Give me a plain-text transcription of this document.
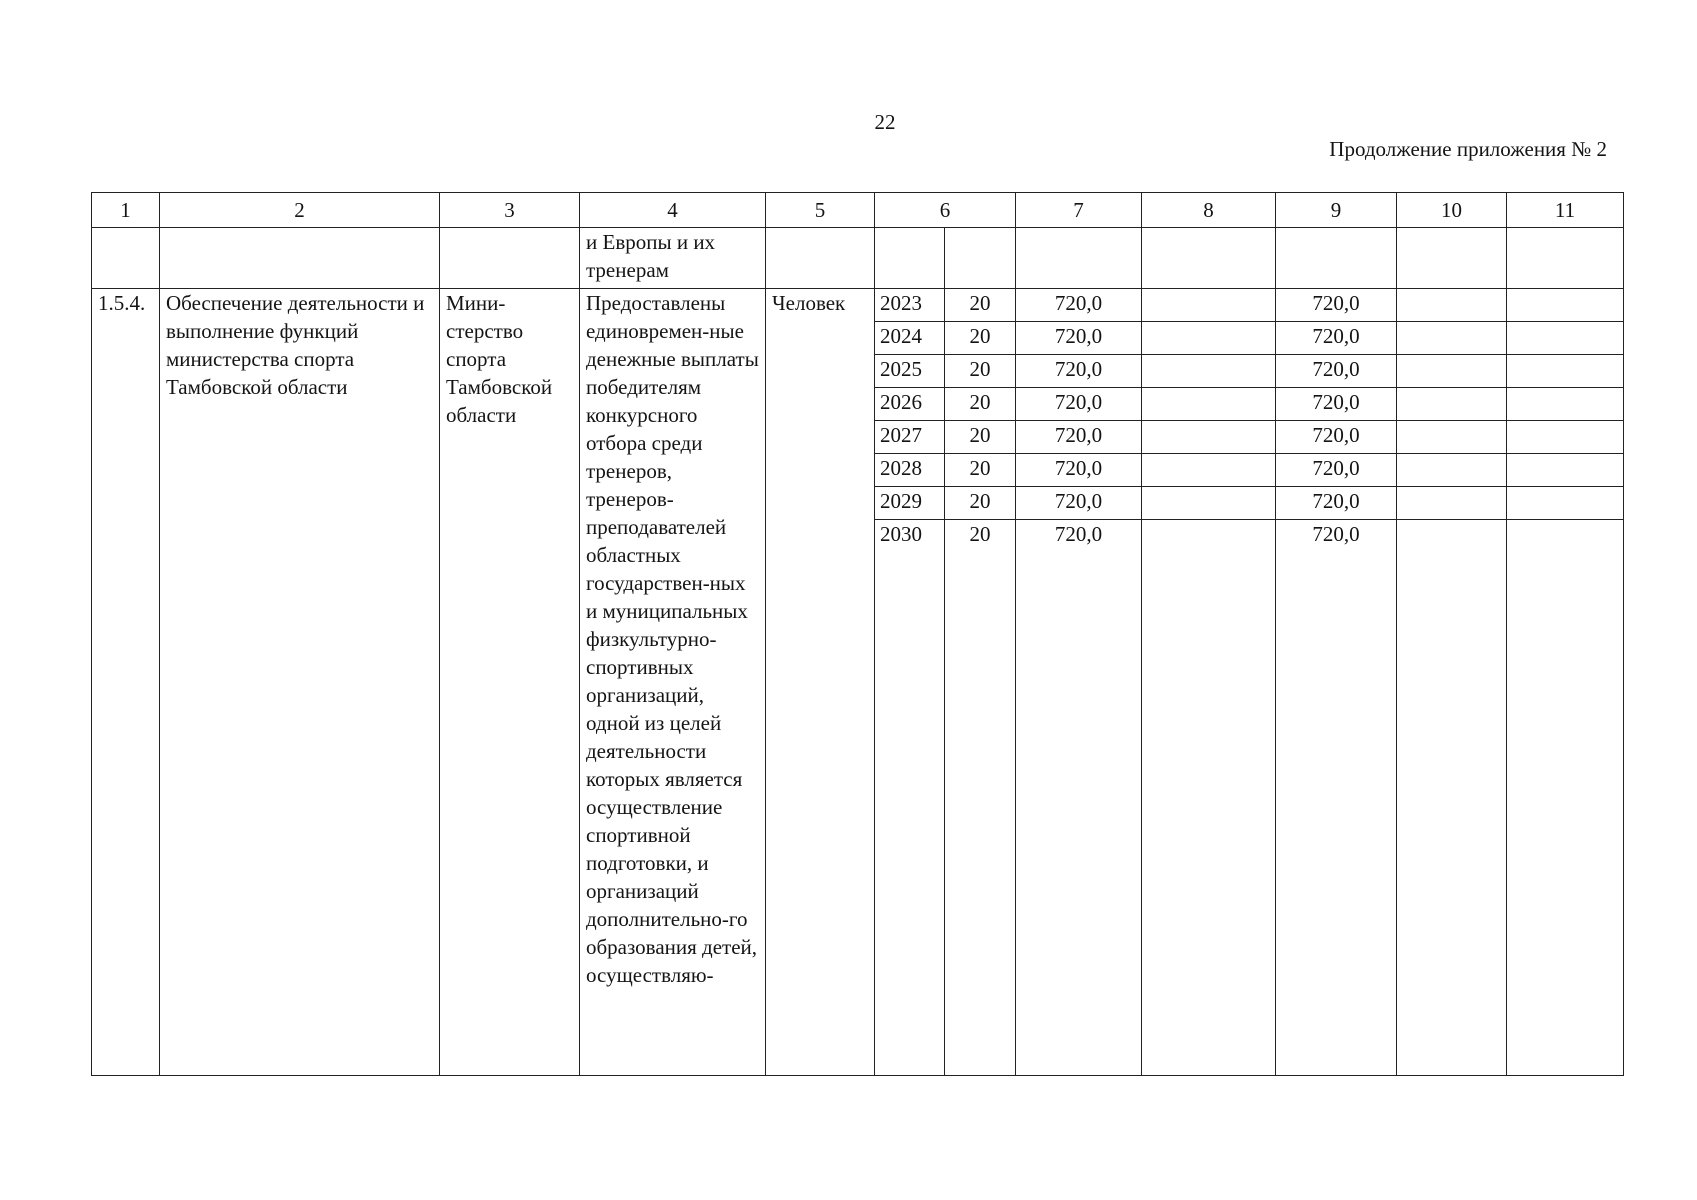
22
Продолжение приложения № 2
1	2	3	4	5	6		7	8	9	10	11
			и Европы и их тренерам								
1.5.4.	Обеспечение деятельности и выполнение функций министерства спорта Тамбовской области	Мини-стерство спорта Тамбовской области	Предоставлены единовремен-ные денежные выплаты победителям конкурсного отбора среди тренеров, тренеров-преподавателей областных государствен-ных и муниципальных физкультурно-спортивных организаций, одной из целей деятельности которых является осуществление спортивной подготовки, и организаций дополнительно-го образования детей, осуществляю-	Человек	2023	20	720,0		720,0		
					2024	20	720,0		720,0		
					2025	20	720,0		720,0		
					2026	20	720,0		720,0		
					2027	20	720,0		720,0		
					2028	20	720,0		720,0		
					2029	20	720,0		720,0		
					2030	20	720,0		720,0		
